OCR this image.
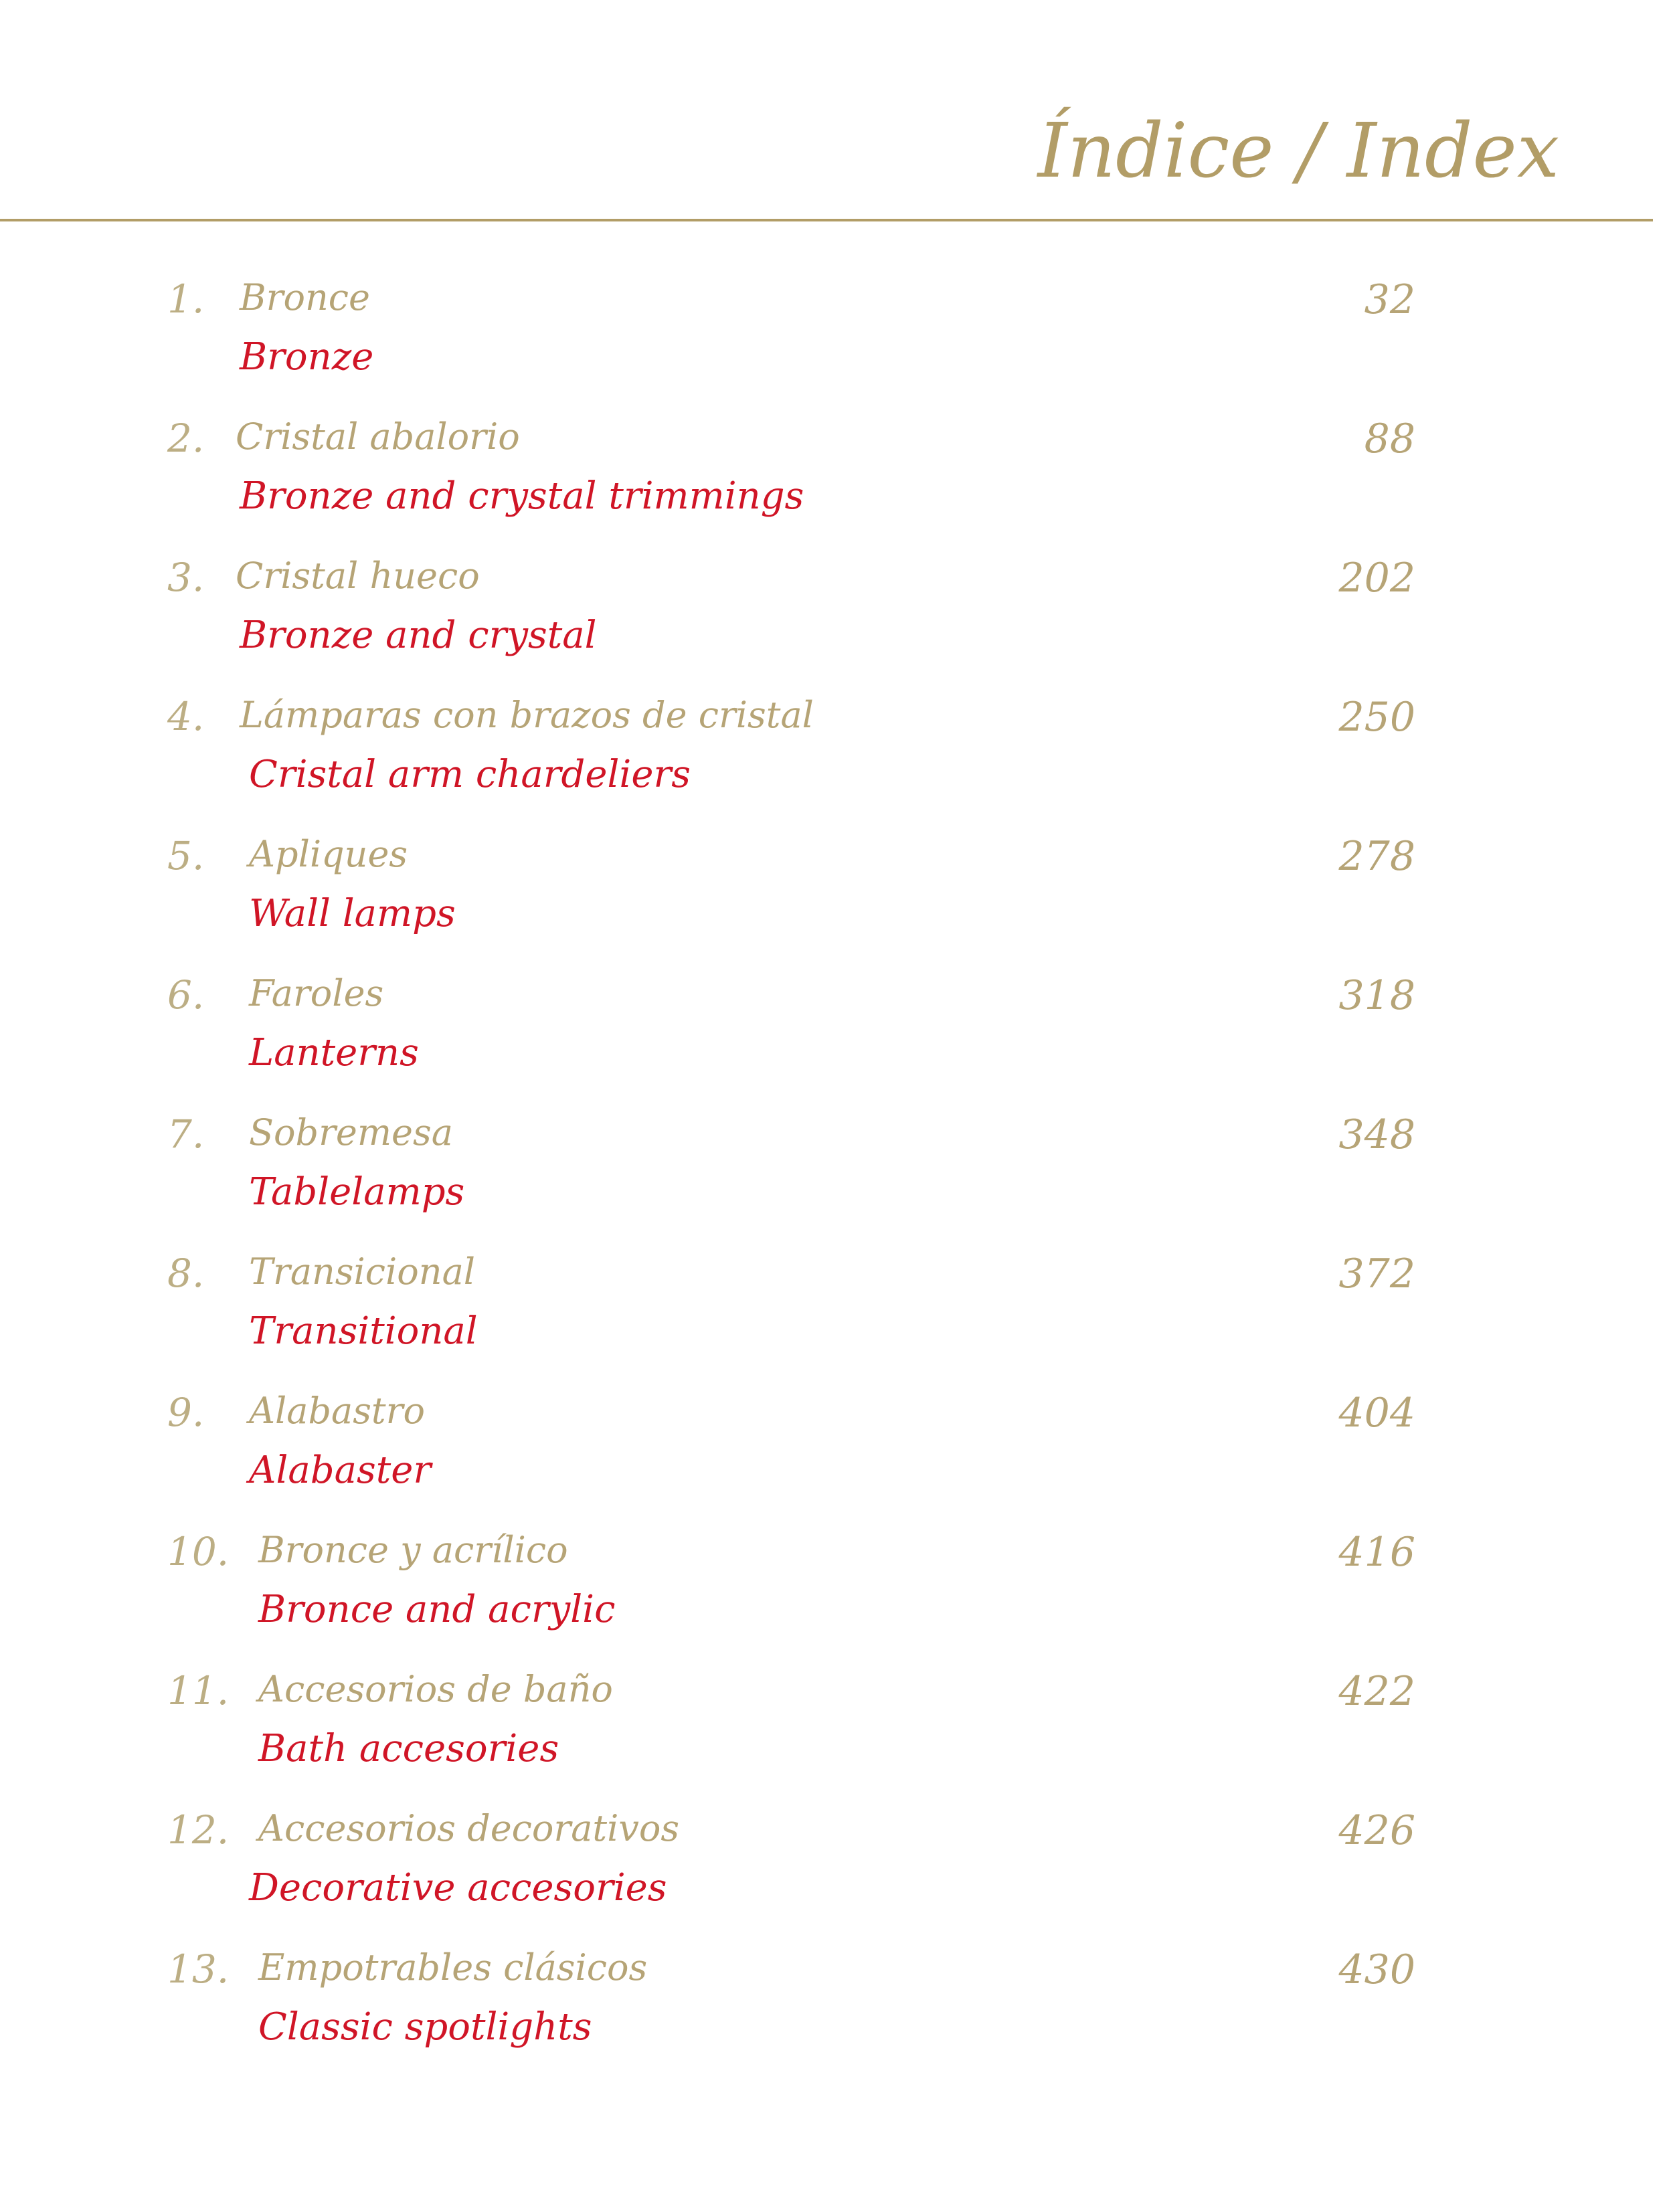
Índice / Index
1. Bronce
Bronze
32
2. Cristal abalorio
Bronze and crystal trimmings
88
3. Cristal hueco
Bronze and crystal
202
4. Lámparas con brazos de cristal
Cristal arm chardeliers
250
5. Apliques
Wall lamps
278
6. Faroles
Lanterns
318
7. Sobremesa
Tablelamps
348
8. Transicional
Transitional
372
9. Alabastro
Alabaster
404
10. Bronce y acrílico
Bronce and acrylic
416
11. Accesorios de baño
Bath accesories
422
12. Accesorios decorativos
Decorative accesories
426
13. Empotrables clásicos
Classic spotlights
430
